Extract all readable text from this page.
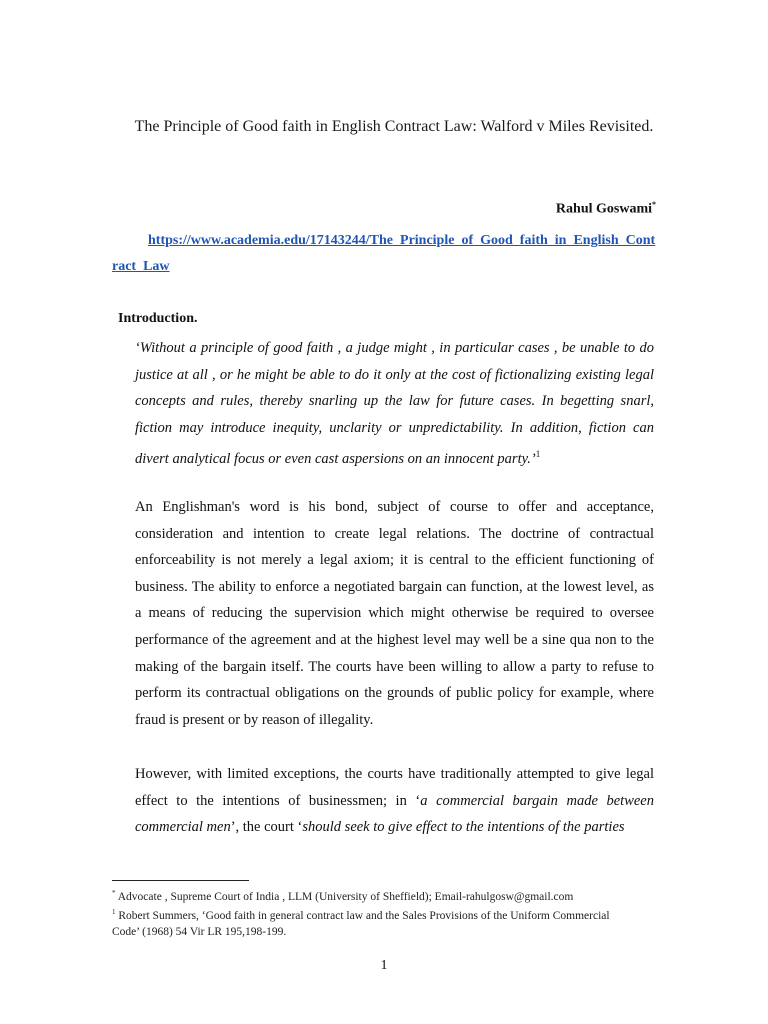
The Principle of Good faith in English Contract Law: Walford v Miles Revisited.
Rahul Goswami*
https://www.academia.edu/17143244/The_Principle_of_Good_faith_in_English_Contract_Law
Introduction.
‘Without a principle of good faith , a judge might , in particular cases , be unable to do justice at all , or he might be able to do it only at the cost of fictionalizing existing legal concepts and rules, thereby snarling up the law for future cases. In begetting snarl, fiction may introduce inequity, unclarity or unpredictability. In addition, fiction can divert analytical focus or even cast aspersions on an innocent party.’$^1$
An Englishman's word is his bond, subject of course to offer and acceptance, consideration and intention to create legal relations. The doctrine of contractual enforceability is not merely a legal axiom; it is central to the efficient functioning of business. The ability to enforce a negotiated bargain can function, at the lowest level, as a means of reducing the supervision which might otherwise be required to oversee performance of the agreement and at the highest level may well be a sine qua non to the making of the bargain itself. The courts have been willing to allow a party to refuse to perform its contractual obligations on the grounds of public policy for example, where fraud is present or by reason of illegality.
However, with limited exceptions, the courts have traditionally attempted to give legal effect to the intentions of businessmen; in ‘a commercial bargain made between commercial men’, the court ‘should seek to give effect to the intentions of the parties
* Advocate , Supreme Court of India , LLM (University of Sheffield); Email-rahulgosw@gmail.com
$^1$ Robert Summers, ‘Good faith in general contract law and the Sales Provisions of the Uniform Commercial Code’ (1968) 54 Vir LR 195,198-199.
1
